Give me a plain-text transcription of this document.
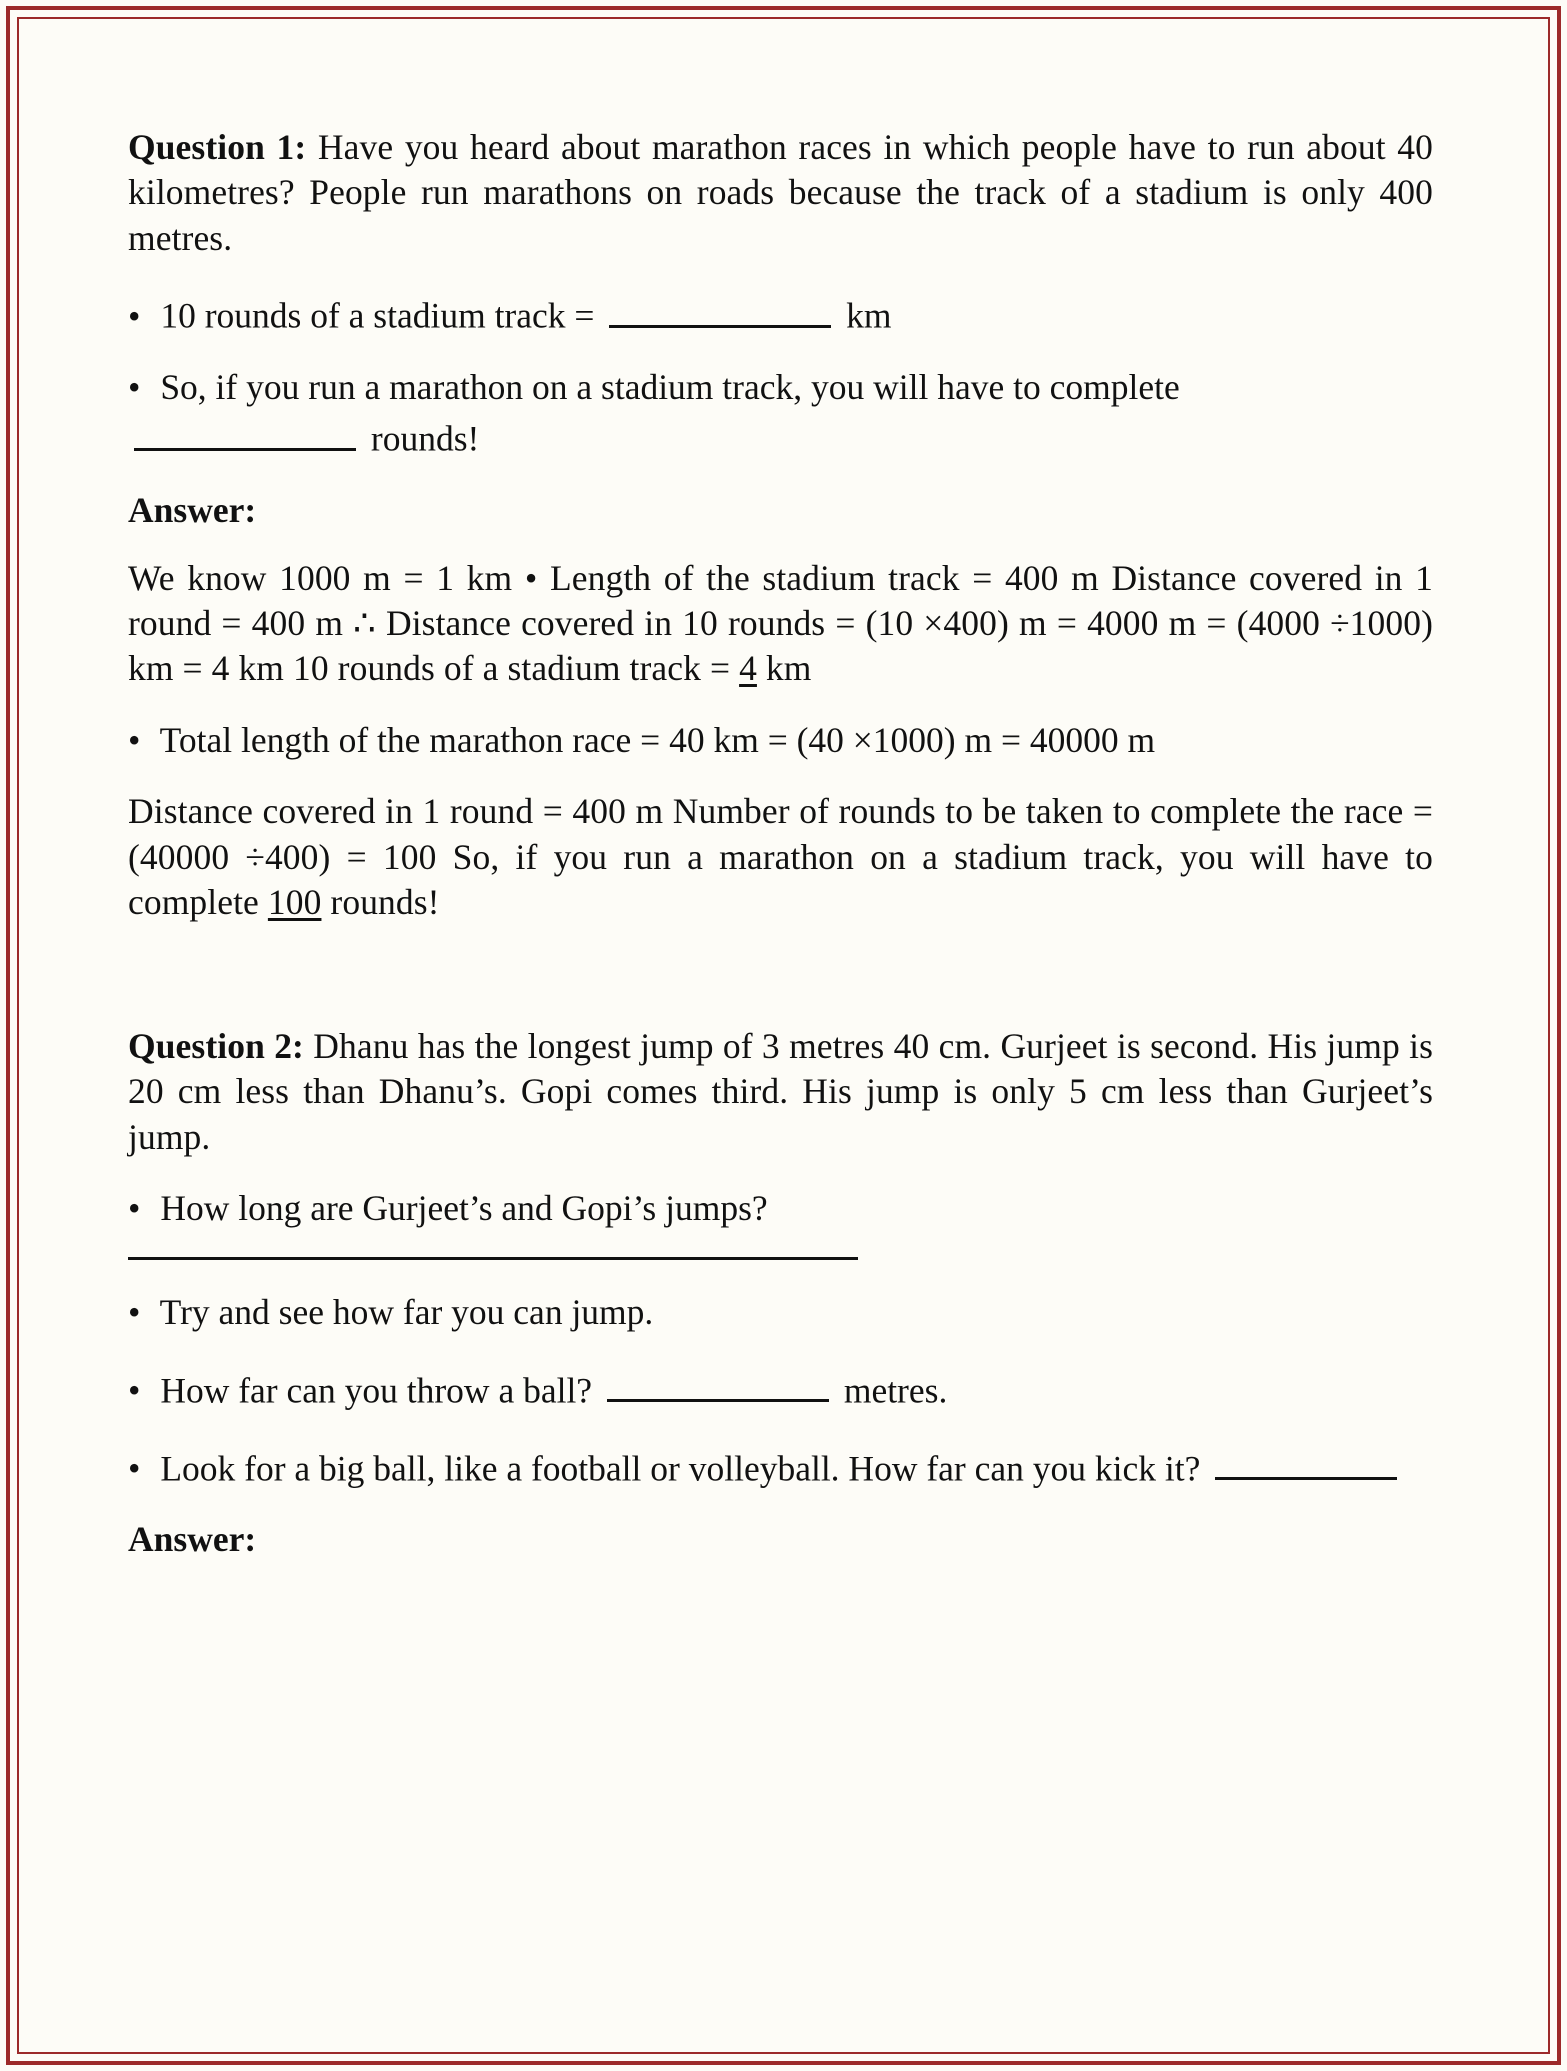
Question 1: Have you heard about marathon races in which people have to run about 40 kilometres? People run marathons on roads because the track of a stadium is only 400 metres.

• 10 rounds of a stadium track =	km
• So, if you run a marathon on a stadium track, you will have to complete
rounds!
Answer:

We know 1000 m = 1 km • Length of the stadium track = 400 m Distance covered in 1 round = 400 m ∴ Distance covered in 10 rounds = (10 ×400) m = 4000 m = (4000 ÷1000) km = 4 km 10 rounds of a stadium track = 4 km

• Total length of the marathon race = 40 km = (40 ×1000) m = 40000 m

Distance covered in 1 round = 400 m Number of rounds to be taken to complete the race = (40000 ÷400) = 100 So, if you run a marathon on a stadium track, you will have to complete 100 rounds!

Question 2: Dhanu has the longest jump of 3 metres 40 cm. Gurjeet is second. His jump is 20 cm less than Dhanu’s. Gopi comes third. His jump is only 5 cm less than Gurjeet’s jump.

• How long are Gurjeet’s and Gopi’s jumps?
• Try and see how far you can jump.
• How far can you throw a ball?	metres.
• Look for a big ball, like a football or volleyball. How far can you kick it?
Answer:
